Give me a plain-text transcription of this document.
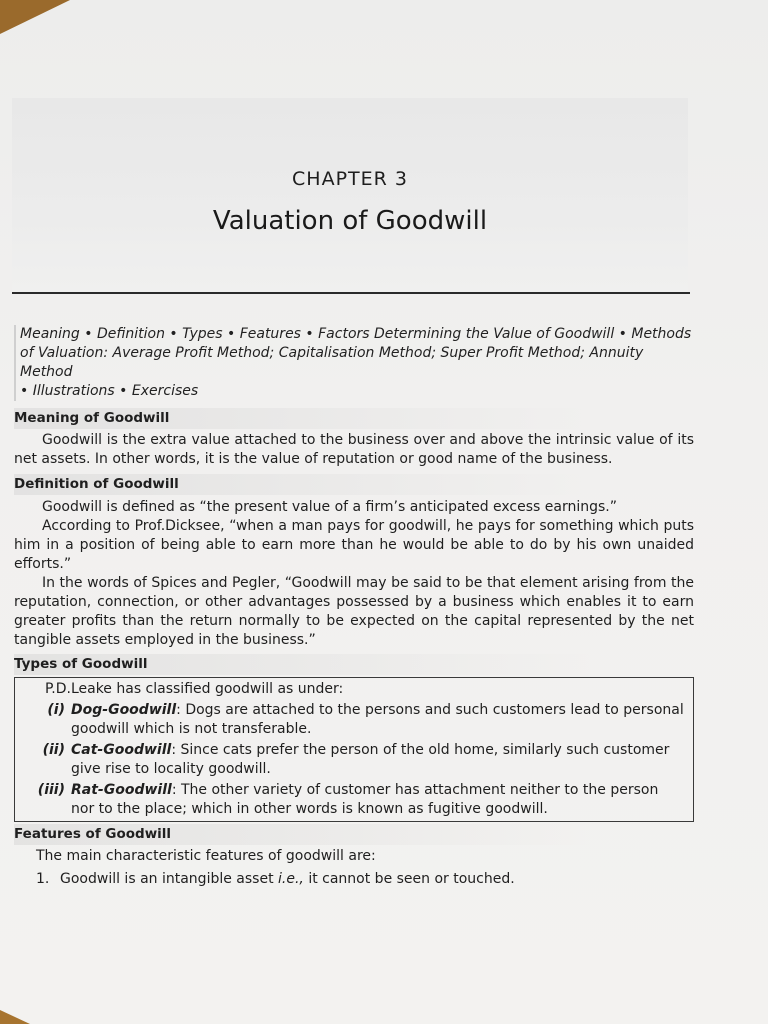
CHAPTER 3
Valuation of Goodwill
Meaning • Definition • Types • Features • Factors Determining the Value of Goodwill • Methods
of Valuation: Average Profit Method; Capitalisation Method; Super Profit Method; Annuity Method
• Illustrations • Exercises
Meaning of Goodwill

Goodwill is the extra value attached to the business over and above the intrinsic value of its net assets. In other words, it is the value of reputation or good name of the business.

Definition of Goodwill

Goodwill is defined as “the present value of a firm’s anticipated excess earnings.”

According to Prof.Dicksee, “when a man pays for goodwill, he pays for something which puts him in a position of being able to earn more than he would be able to do by his own unaided efforts.”

In the words of Spices and Pegler, “Goodwill may be said to be that element arising from the reputation, connection, or other advantages possessed by a business which enables it to earn greater profits than the return normally to be expected on the capital represented by the net tangible assets employed in the business.”

Types of Goodwill
P.D.Leake has classified goodwill as under:
(i) Dog-Goodwill: Dogs are attached to the persons and such customers lead to personal goodwill which is not transferable.
(ii) Cat-Goodwill: Since cats prefer the person of the old home, similarly such customer give rise to locality goodwill.
(iii) Rat-Goodwill: The other variety of customer has attachment neither to the person nor to the place; which in other words is known as fugitive goodwill.
Features of Goodwill
The main characteristic features of goodwill are:
1. Goodwill is an intangible asset i.e., it cannot be seen or touched.
